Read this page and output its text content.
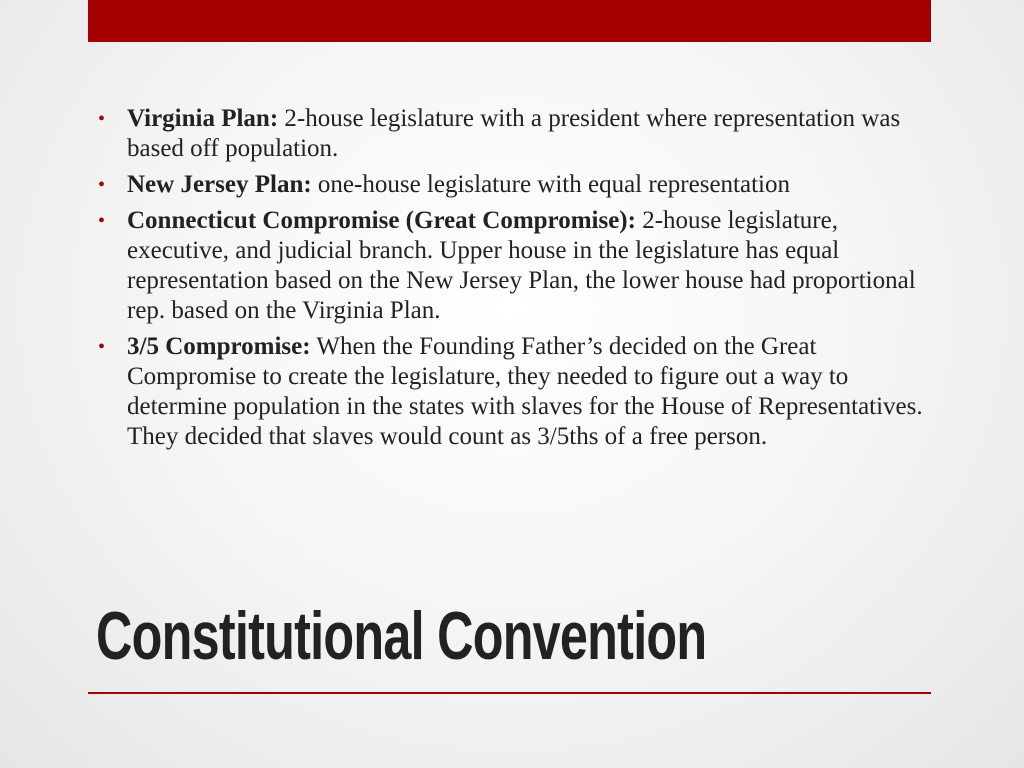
• Virginia Plan: 2-house legislature with a president where representation was based off population.
• New Jersey Plan: one-house legislature with equal representation
• Connecticut Compromise (Great Compromise): 2-house legislature, executive, and judicial branch. Upper house in the legislature has equal representation based on the New Jersey Plan, the lower house had proportional rep. based on the Virginia Plan.
• 3/5 Compromise: When the Founding Father’s decided on the Great Compromise to create the legislature, they needed to figure out a way to determine population in the states with slaves for the House of Representatives. They decided that slaves would count as 3/5ths of a free person.
Constitutional Convention
